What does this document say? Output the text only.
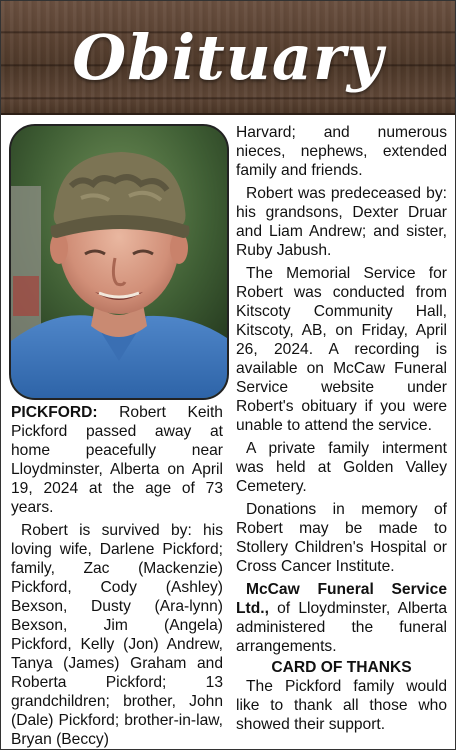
Obituary

PICKFORD: Robert Keith Pickford passed away at home peacefully near Lloydminster, Alberta on April 19, 2024 at the age of 73 years.

Robert is survived by: his loving wife, Darlene Pickford; family, Zac (Mackenzie) Pickford, Cody (Ashley) Bexson, Dusty (Ara-lynn) Bexson, Jim (Angela) Pickford, Kelly (Jon) Andrew, Tanya (James) Graham and Roberta Pickford; 13 grandchildren; brother, John (Dale) Pickford; brother-in-law, Bryan (Beccy)

Harvard; and numerous nieces, nephews, extended family and friends.

Robert was predeceased by: his grandsons, Dexter Druar and Liam Andrew; and sister, Ruby Jabush.

The Memorial Service for Robert was conducted from Kitscoty Community Hall, Kitscoty, AB, on Friday, April 26, 2024. A recording is available on McCaw Funeral Service website under Robert's obituary if you were unable to attend the service.

A private family interment was held at Golden Valley Cemetery.

Donations in memory of Robert may be made to Stollery Children's Hospital or Cross Cancer Institute.

McCaw Funeral Service Ltd., of Lloydminster, Alberta administered the funeral arrangements.

CARD OF THANKS

The Pickford family would like to thank all those who showed their support.
